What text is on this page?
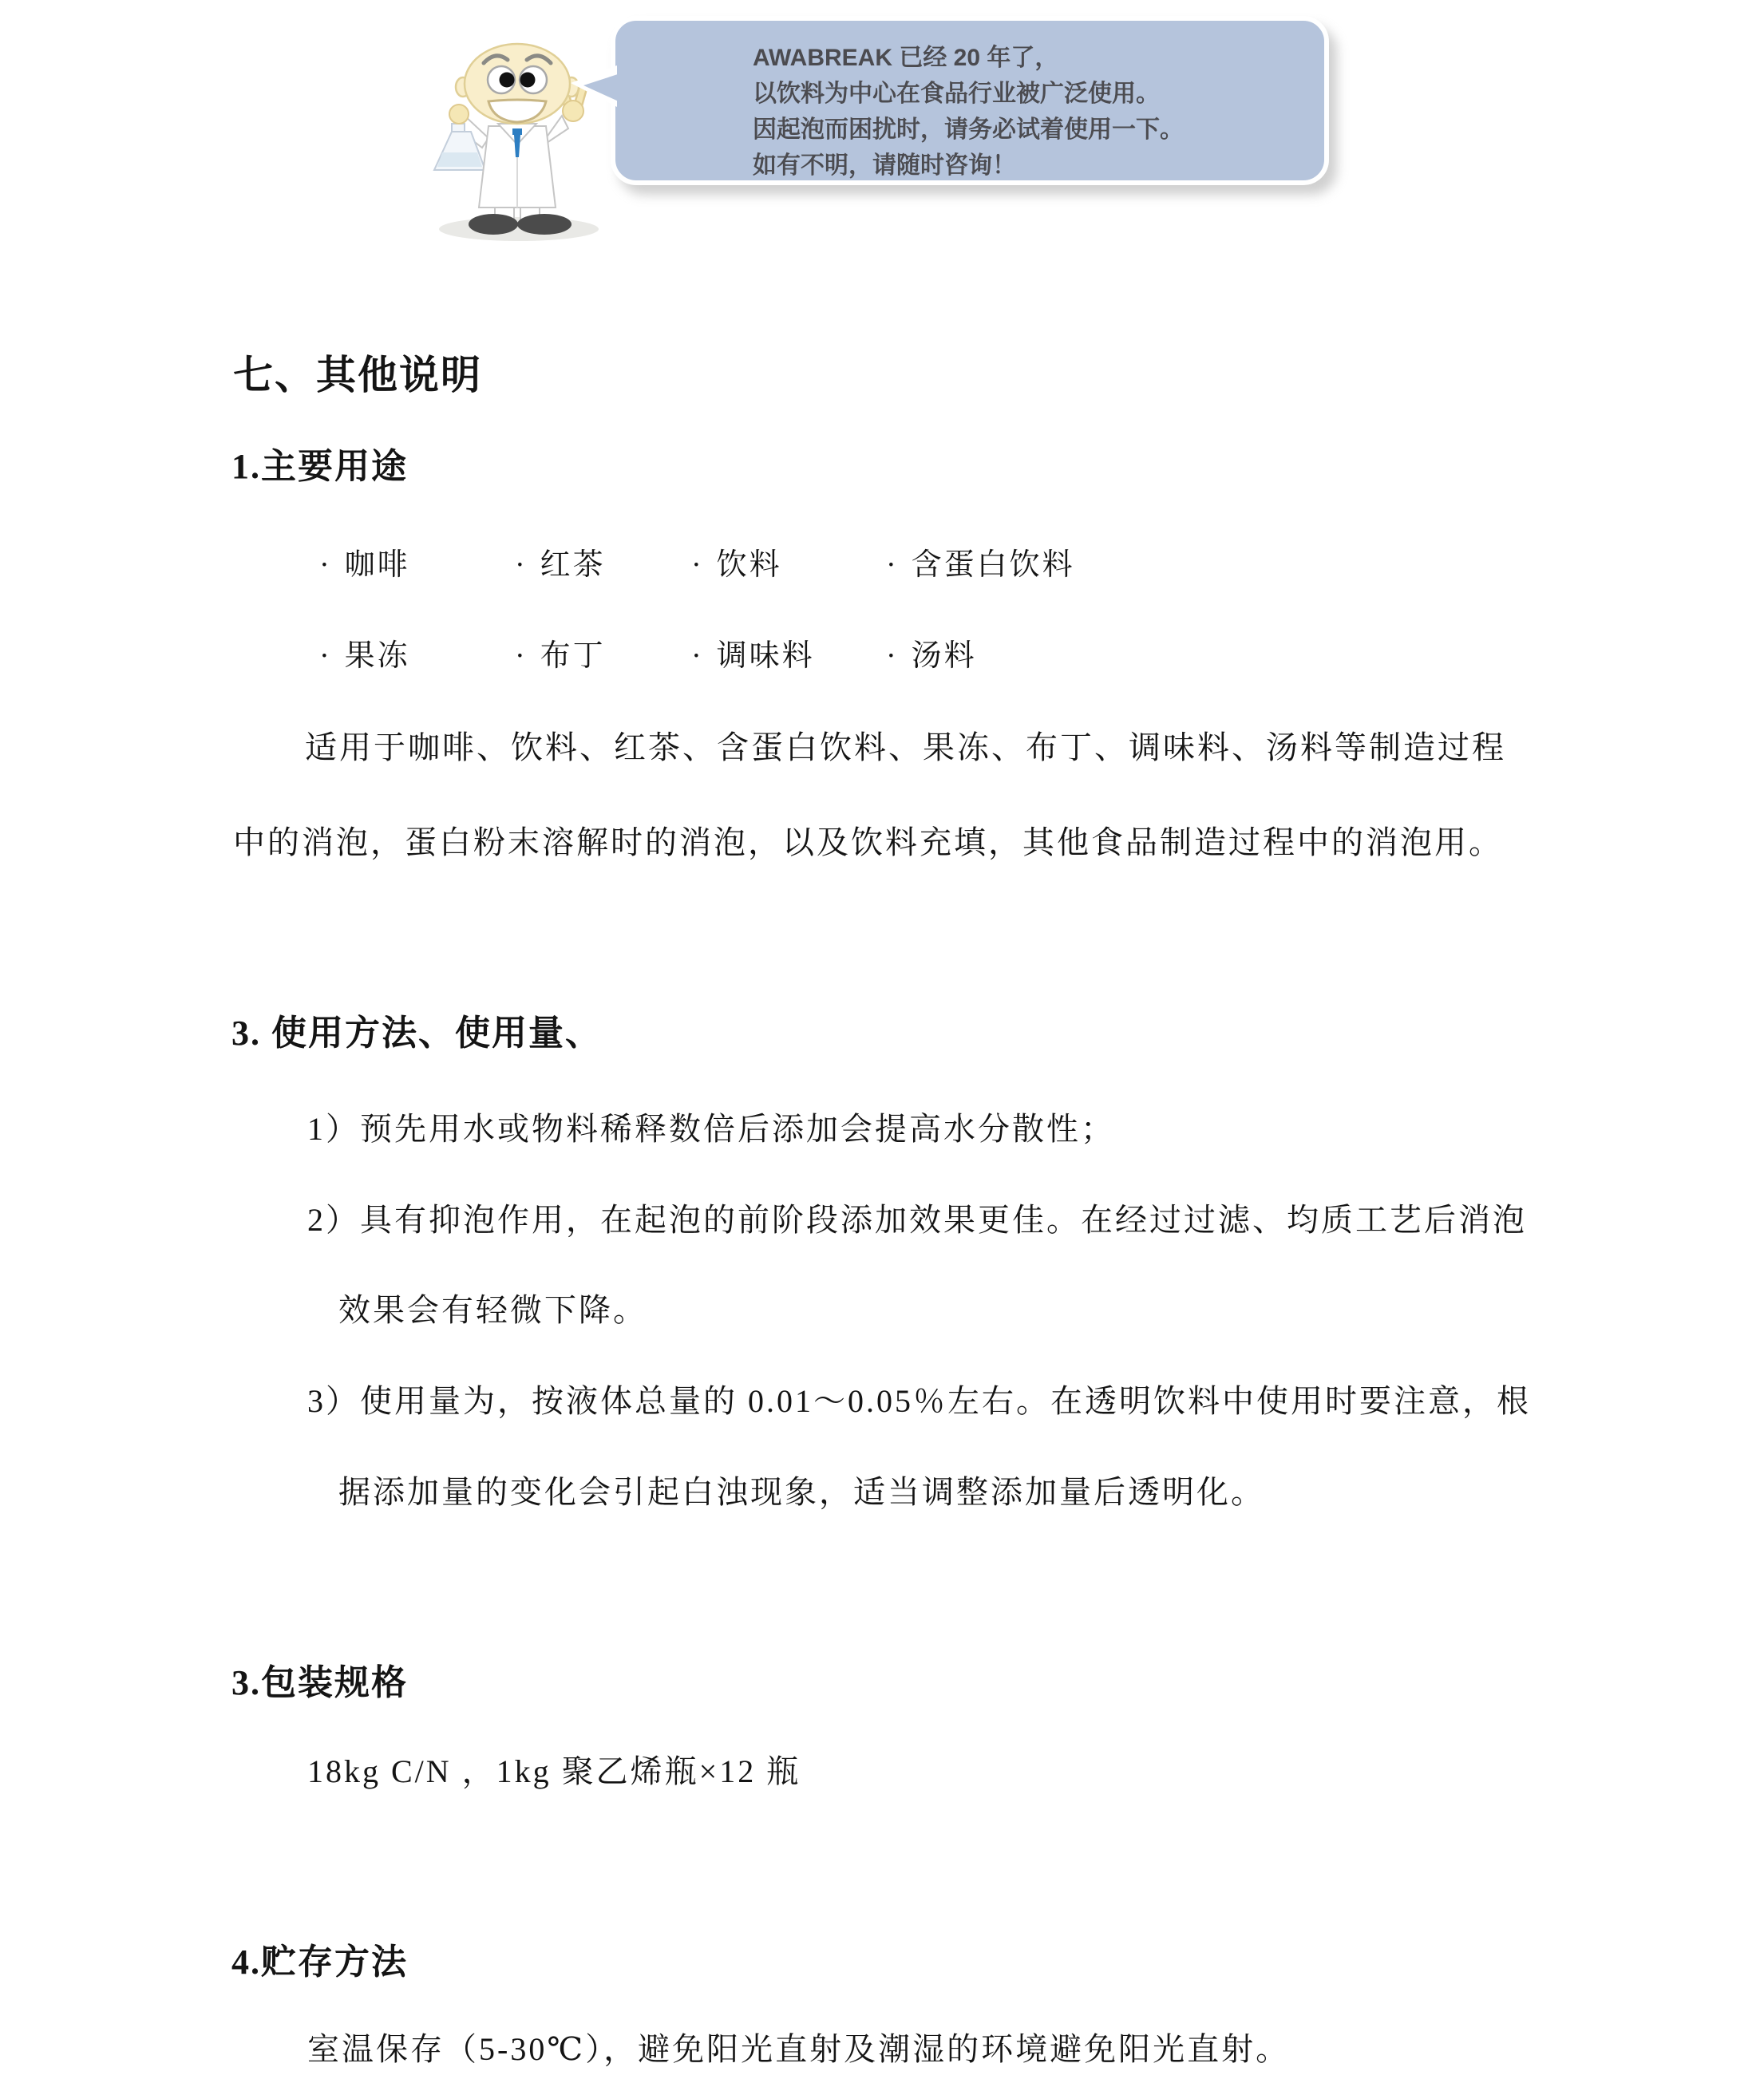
AWABREAK 已经 20 年了，
以饮料为中心在食品行业被广泛使用。
因起泡而困扰时，请务必试着使用一下。
如有不明，请随时咨询！
七、其他说明
1.主要用途
· 咖啡	· 红茶	· 饮料	· 含蛋白饮料
· 果冻	· 布丁	· 调味料 · 汤料
适用于咖啡、饮料、红茶、含蛋白饮料、果冻、布丁、调味料、汤料等制造过程
中的消泡，蛋白粉末溶解时的消泡，以及饮料充填，其他食品制造过程中的消泡用。
3. 使用方法、使用量、
1）预先用水或物料稀释数倍后添加会提高水分散性；
2）具有抑泡作用，在起泡的前阶段添加效果更佳。在经过过滤、均质工艺后消泡
效果会有轻微下降。
3）使用量为，按液体总量的 0.01～0.05％左右。在透明饮料中使用时要注意，根
据添加量的变化会引起白浊现象，适当调整添加量后透明化。
3.包装规格
18kg C/N ，1kg 聚乙烯瓶×12 瓶
4.贮存方法
室温保存（5-30℃），避免阳光直射及潮湿的环境避免阳光直射。
